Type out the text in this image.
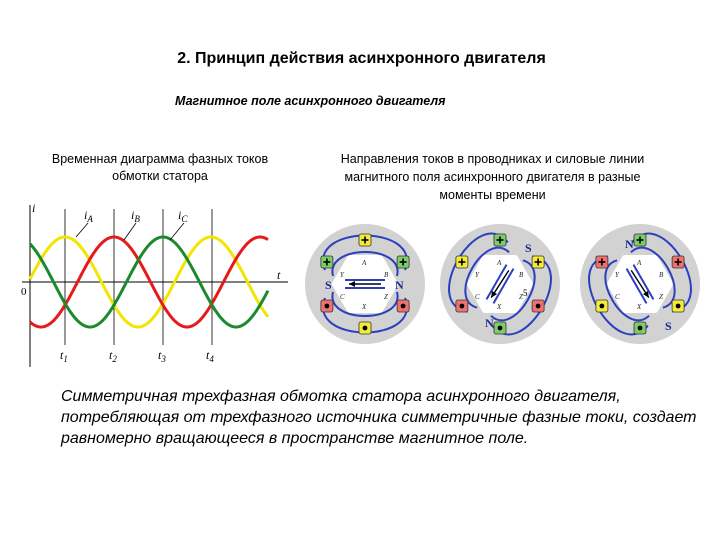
2. Принцип действия асинхронного двигателя
Магнитное поле асинхронного двигателя
Временная диаграмма фазных токов обмотки статора
Направления токов в проводниках и силовые линии магнитного поля асинхронного двигателя в разные моменты времени
i
t
0
$i_A$	$i_B$	$i_C$
$t_1$	$t_2$	$t_3$	$t_4$
A
B
C
X
Y
Z
N
S
A
B
C
X
Y
Z
N
S
5
A
B
C
X
Y
Z
N
S
Симметричная трехфазная обмотка статора асинхронного двигателя, потребляющая от трехфазного источника симметричные фазные токи, создает равномерно вращающееся в пространстве магнитное поле.
